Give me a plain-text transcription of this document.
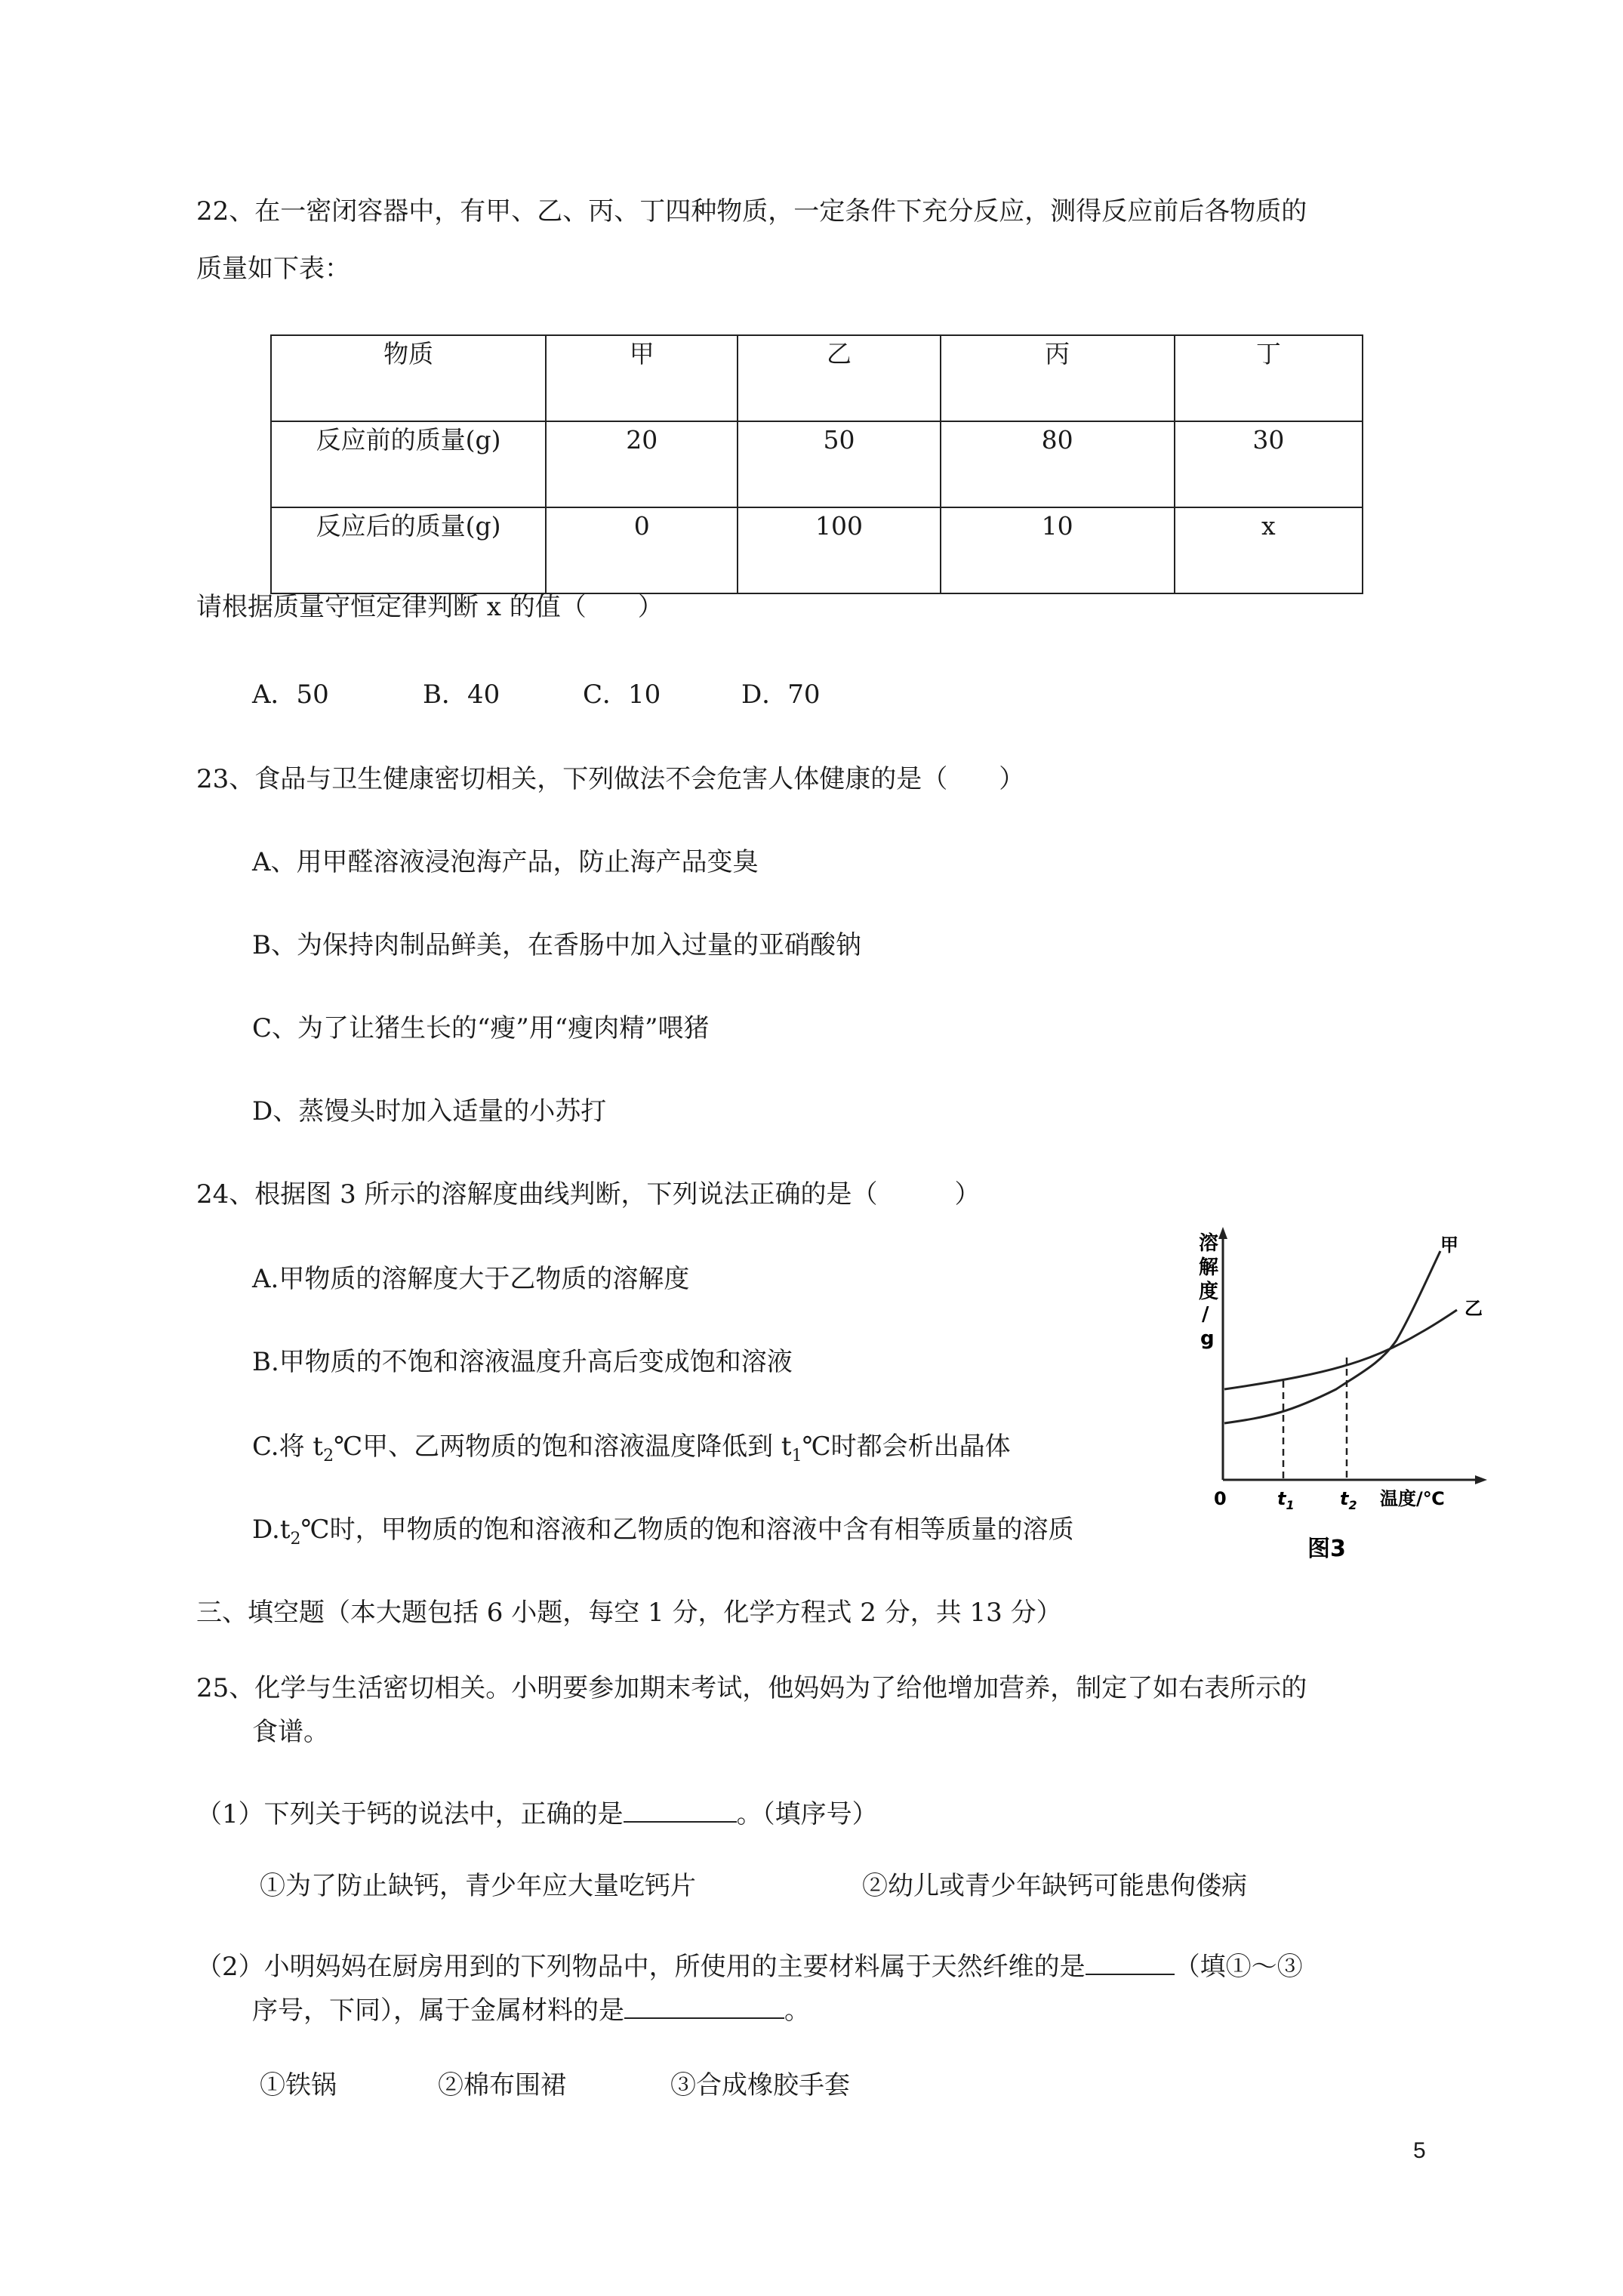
22、在一密闭容器中，有甲、乙、丙、丁四种物质，一定条件下充分反应，测得反应前后各物质的
质量如下表：
物质	甲	乙	丙	丁
反应前的质量(g)	20	50	80	30
反应后的质量(g)	0	100	10	x
请根据质量守恒定律判断 x 的值（　　）
A．50	B．40	C．10	D．70
23、食品与卫生健康密切相关，下列做法不会危害人体健康的是（　　）
A、用甲醛溶液浸泡海产品，防止海产品变臭
B、为保持肉制品鲜美，在香肠中加入过量的亚硝酸钠
C、为了让猪生长的“瘦”用“瘦肉精”喂猪
D、蒸馒头时加入适量的小苏打
24、根据图 3 所示的溶解度曲线判断，下列说法正确的是（　　　）
A.甲物质的溶解度大于乙物质的溶解度
B.甲物质的不饱和溶液温度升高后变成饱和溶液
C.将 $t_2℃$甲、乙两物质的饱和溶液温度降低到 $t_1℃$时都会析出晶体
$D.t_2℃$时，甲物质的饱和溶液和乙物质的饱和溶液中含有相等质量的溶质
溶
解
度
/
g
甲
乙
0	$t_1$	$t_2$ 温度/℃
图3
三、填空题（本大题包括 6 小题，每空 1 分，化学方程式 2 分，共 13 分）
25、化学与生活密切相关。小明要参加期末考试，他妈妈为了给他增加营养，制定了如右表所示的
食谱。
（1）下列关于钙的说法中，正确的是	。（填序号）
①为了防止缺钙，青少年应大量吃钙片	②幼儿或青少年缺钙可能患佝偻病
（2）小明妈妈在厨房用到的下列物品中，所使用的主要材料属于天然纤维的是	（填①～③
序号，下同），属于金属材料的是	。
①铁锅	②棉布围裙	③合成橡胶手套
5
